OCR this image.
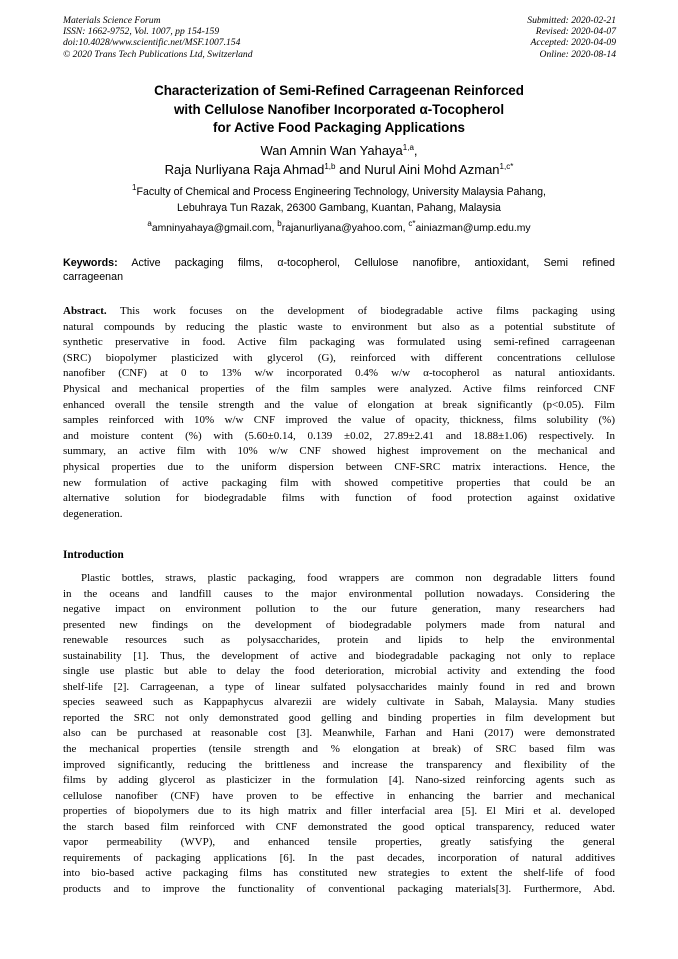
Materials Science Forum
ISSN: 1662-9752, Vol. 1007, pp 154-159
doi:10.4028/www.scientific.net/MSF.1007.154
© 2020 Trans Tech Publications Ltd, Switzerland
Submitted: 2020-02-21
Revised: 2020-04-07
Accepted: 2020-04-09
Online: 2020-08-14
Characterization of Semi-Refined Carrageenan Reinforced
with Cellulose Nanofiber Incorporated α-Tocopherol
for Active Food Packaging Applications
Wan Amnin Wan Yahaya$^{1,a}$,
Raja Nurliyana Raja Ahmad$^{1,b}$ and Nurul Aini Mohd Azman$^{1,c*}$
$^1$Faculty of Chemical and Process Engineering Technology, University Malaysia Pahang,
Lebuhraya Tun Razak, 26300 Gambang, Kuantan, Pahang, Malaysia
$^a$amninyahaya@gmail.com, $^b$rajanurliyana@yahoo.com, $^{c*}$ainiazman@ump.edu.my
Keywords: Active packaging films, α-tocopherol, Cellulose nanofibre, antioxidant, Semi refined
carrageenan
Abstract. This work focuses on the development of biodegradable active films packaging using
natural compounds by reducing the plastic waste to environment but also as a potential substitute of
synthetic preservative in food. Active film packaging was formulated using semi-refined carrageenan
(SRC) biopolymer plasticized with glycerol (G), reinforced with different concentrations cellulose
nanofiber (CNF) at 0 to 13% w/w incorporated 0.4% w/w α-tocopherol as natural antioxidants.
Physical and mechanical properties of the film samples were analyzed. Active films reinforced CNF
enhanced overall the tensile strength and the value of elongation at break significantly (p<0.05). Film
samples reinforced with 10% w/w CNF improved the value of opacity, thickness, films solubility (%)
and moisture content (%) with (5.60±0.14, 0.139 ±0.02, 27.89±2.41 and 18.88±1.06) respectively. In
summary, an active film with 10% w/w CNF showed highest improvement on the mechanical and
physical properties due to the uniform dispersion between CNF-SRC matrix interactions. Hence, the
new formulation of active packaging film with showed competitive properties that could be an
alternative solution for biodegradable films with function of food protection against oxidative
degeneration.
Introduction
Plastic bottles, straws, plastic packaging, food wrappers are common non degradable litters found
in the oceans and landfill causes to the major environmental pollution nowadays. Considering the
negative impact on environment pollution to the our future generation, many researchers had
presented new findings on the development of biodegradable polymers made from natural and
renewable resources such as polysaccharides, protein and lipids to help the environmental
sustainability [1]. Thus, the development of active and biodegradable packaging not only to replace
single use plastic but able to delay the food deterioration, microbial activity and extending the food
shelf-life [2]. Carrageenan, a type of linear sulfated polysaccharides mainly found in red and brown
species seaweed such as Kappaphycus alvarezii are widely cultivate in Sabah, Malaysia. Many studies
reported the SRC not only demonstrated good gelling and binding properties in film development but
also can be purchased at reasonable cost [3]. Meanwhile, Farhan and Hani (2017) were demonstrated
the mechanical properties (tensile strength and % elongation at break) of SRC based film was
improved significantly, reducing the brittleness and increase the transparency and flexibility of the
films by adding glycerol as plasticizer in the formulation [4]. Nano-sized reinforcing agents such as
cellulose nanofiber (CNF) have proven to be effective in enhancing the barrier and mechanical
properties of biopolymers due to its high matrix and filler interfacial area [5]. El Miri et al. developed
the starch based film reinforced with CNF demonstrated the good optical transparency, reduced water
vapor permeability (WVP), and enhanced tensile properties, greatly satisfying the general
requirements of packaging applications [6]. In the past decades, incorporation of natural additives
into bio-based active packaging films has constituted new strategies to extent the shelf-life of food
products and to improve the functionality of conventional packaging materials[3]. Furthermore, Abd.
